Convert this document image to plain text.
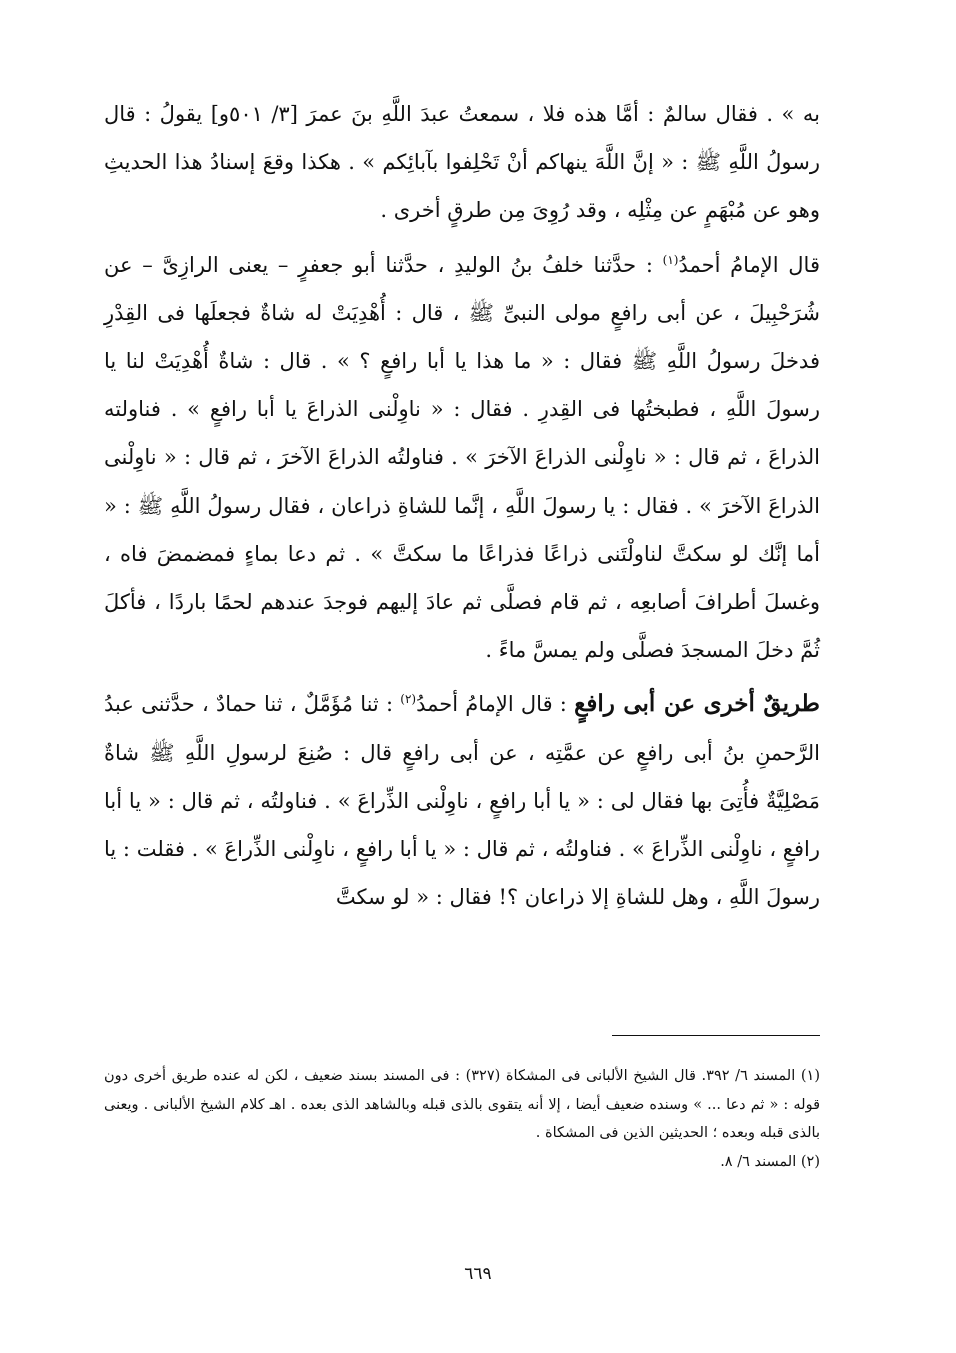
به » . فقال سالمٌ : أمَّا هذه فلا ، سمعتُ عبدَ اللَّهِ بنَ عمرَ [٣/ ٥٠١و] يقولُ : قال رسولُ اللَّهِ ﷺ : « إنَّ اللَّهَ ينهاكم أنْ تَحْلِفوا بآبائِكم » . هكذا وقعَ إسنادُ هذا الحديثِ وهو عن مُبْهَمٍ عن مِثْلِه ، وقد رُوِىَ مِن طرقٍ أخرى .

قال الإمامُ أحمدُ$^{(١)}$ : حدَّثنا خلفُ بنُ الوليدِ ، حدَّثنا أبو جعفرٍ – يعنى الرازِىَّ – عن شُرَحْبِيلَ ، عن أبى رافعٍ مولى النبىِّ ﷺ ، قال : أُهْدِيَتْ له شاةٌ فجعلَها فى القِدْرِ فدخلَ رسولُ اللَّهِ ﷺ فقال : « ما هذا يا أبا رافعٍ ؟ » . قال : شاةٌ أُهْدِيَتْ لنا يا رسولَ اللَّهِ ، فطبختُها فى القِدرِ . فقال : « ناوِلْنى الذراعَ يا أبا رافعٍ » . فناولته الذراعَ ، ثم قال : « ناوِلْنى الذراعَ الآخرَ » . فناولتُه الذراعَ الآخرَ ، ثم قال : « ناوِلْنى الذراعَ الآخرَ » . فقال : يا رسولَ اللَّهِ ، إنَّما للشاةِ ذراعان ، فقال رسولُ اللَّهِ ﷺ : « أما إنَّك لو سكتَّ لناولْتَنى ذراعًا فذراعًا ما سكتَّ » . ثم دعا بماءٍ فمضمضَ فاه ، وغسلَ أطرافَ أصابعِه ، ثم قام فصلَّى ثم عادَ إليهم فوجدَ عندهم لحمًا باردًا ، فأكلَ ثُمَّ دخلَ المسجدَ فصلَّى ولم يمسَّ ماءً .

طريقٌ أخرى عن أبى رافعٍ : قال الإمامُ أحمدُ$^{(٢)}$ : ثنا مُؤَمَّلٌ ، ثنا حمادٌ ، حدَّثنى عبدُ الرَّحمنِ بنُ أبى رافعٍ عن عمَّتِه ، عن أبى رافعٍ قال : صُنِعَ لرسولِ اللَّهِ ﷺ شاةٌ مَصْلِيَّةٌ فأُتِىَ بها فقال لى : « يا أبا رافعٍ ، ناوِلْنى الذِّراعَ » . فناولتُه ، ثم قال : « يا أبا رافعٍ ، ناوِلْنى الذِّراعَ » . فناولتُه ، ثم قال : « يا أبا رافعٍ ، ناوِلْنى الذِّراعَ » . فقلت : يا رسولَ اللَّهِ ، وهل للشاةِ إلا ذراعان ؟! فقال : « لو سكتَّ

(١) المسند ٦/ ٣٩٢. قال الشيخ الألبانى فى المشكاة (٣٢٧) : فى المسند بسند ضعيف ، لكن له عنده طريق أخرى دون قوله : « ثم دعا ... » وسنده ضعيف أيضا ، إلا أنه يتقوى بالذى قبله وبالشاهد الذى بعده . اهـ كلام الشيخ الألبانى . ويعنى بالذى قبله وبعده ؛ الحديثين الذين فى المشكاة .

(٢) المسند ٦/ ٨.

٦٦٩
